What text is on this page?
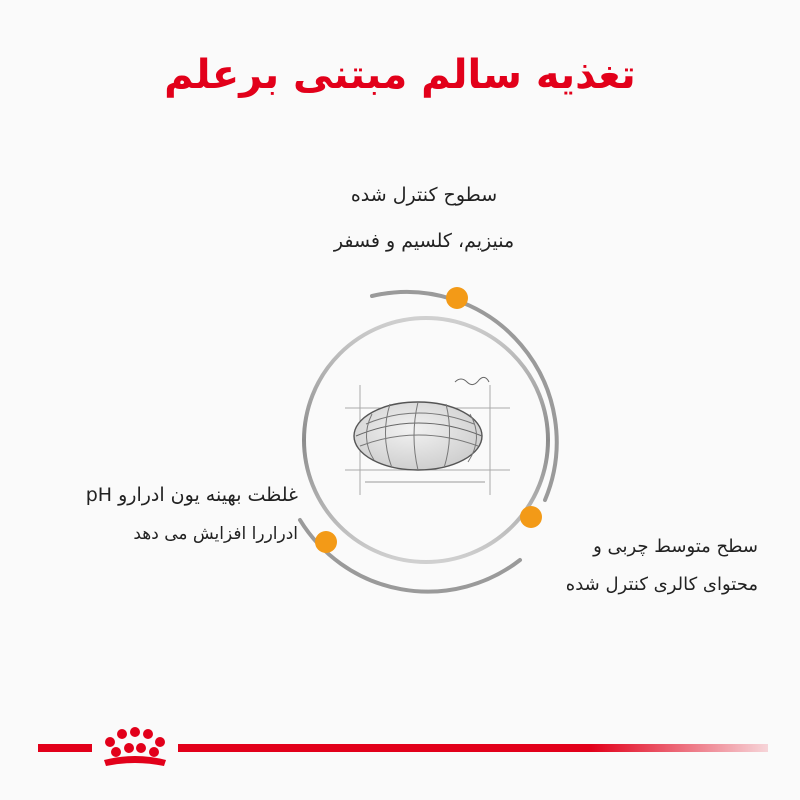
تغذیه سالم مبتنی برعلم
سطوح کنترل شده
منیزیم، کلسیم و فسفر
غلظت بهینه یون ادرارو pH
ادراررا افزایش می دهد
سطح متوسط چربی و
محتوای کالری کنترل شده
